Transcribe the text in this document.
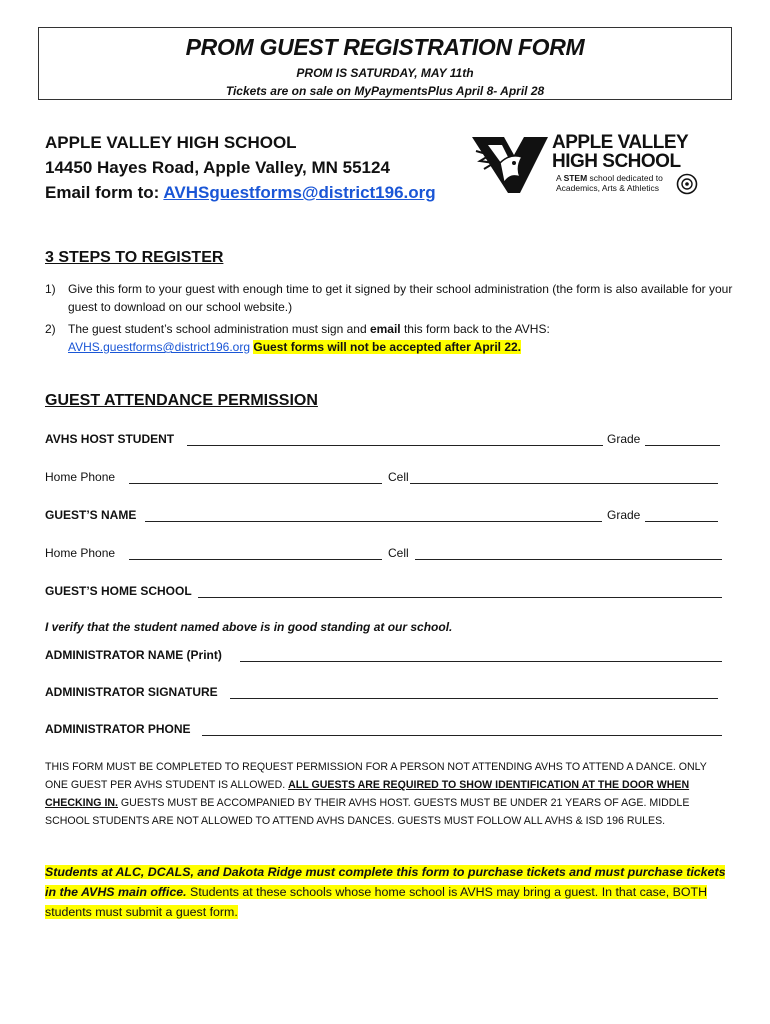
PROM GUEST REGISTRATION FORM
PROM IS SATURDAY, MAY 11th
Tickets are on sale on MyPaymentsPlus April 8- April 28
APPLE VALLEY HIGH SCHOOL
14450 Hayes Road, Apple Valley, MN 55124
Email form to: AVHSguestforms@district196.org
APPLE VALLEY
HIGH SCHOOL
A STEM school dedicated to
Academics, Arts & Athletics
3 STEPS TO REGISTER
1) Give this form to your guest with enough time to get it signed by their school administration (the form is also available for your guest to download on our school website.)
2) The guest student’s school administration must sign and email this form back to the AVHS:
AVHS.guestforms@district196.org Guest forms will not be accepted after April 22.
GUEST ATTENDANCE PERMISSION
AVHS HOST STUDENT	Grade
Home Phone	Cell
GUEST’S NAME	Grade
Home Phone	Cell
GUEST’S HOME SCHOOL
I verify that the student named above is in good standing at our school.
ADMINISTRATOR NAME (Print)
ADMINISTRATOR SIGNATURE
ADMINISTRATOR PHONE
THIS FORM MUST BE COMPLETED TO REQUEST PERMISSION FOR A PERSON NOT ATTENDING AVHS TO ATTEND A DANCE. ONLY ONE GUEST PER AVHS STUDENT IS ALLOWED. ALL GUESTS ARE REQUIRED TO SHOW IDENTIFICATION AT THE DOOR WHEN CHECKING IN. GUESTS MUST BE ACCOMPANIED BY THEIR AVHS HOST. GUESTS MUST BE UNDER 21 YEARS OF AGE. MIDDLE SCHOOL STUDENTS ARE NOT ALLOWED TO ATTEND AVHS DANCES. GUESTS MUST FOLLOW ALL AVHS & ISD 196 RULES.
Students at ALC, DCALS, and Dakota Ridge must complete this form to purchase tickets and must purchase tickets in the AVHS main office. Students at these schools whose home school is AVHS may bring a guest. In that case, BOTH students must submit a guest form.
